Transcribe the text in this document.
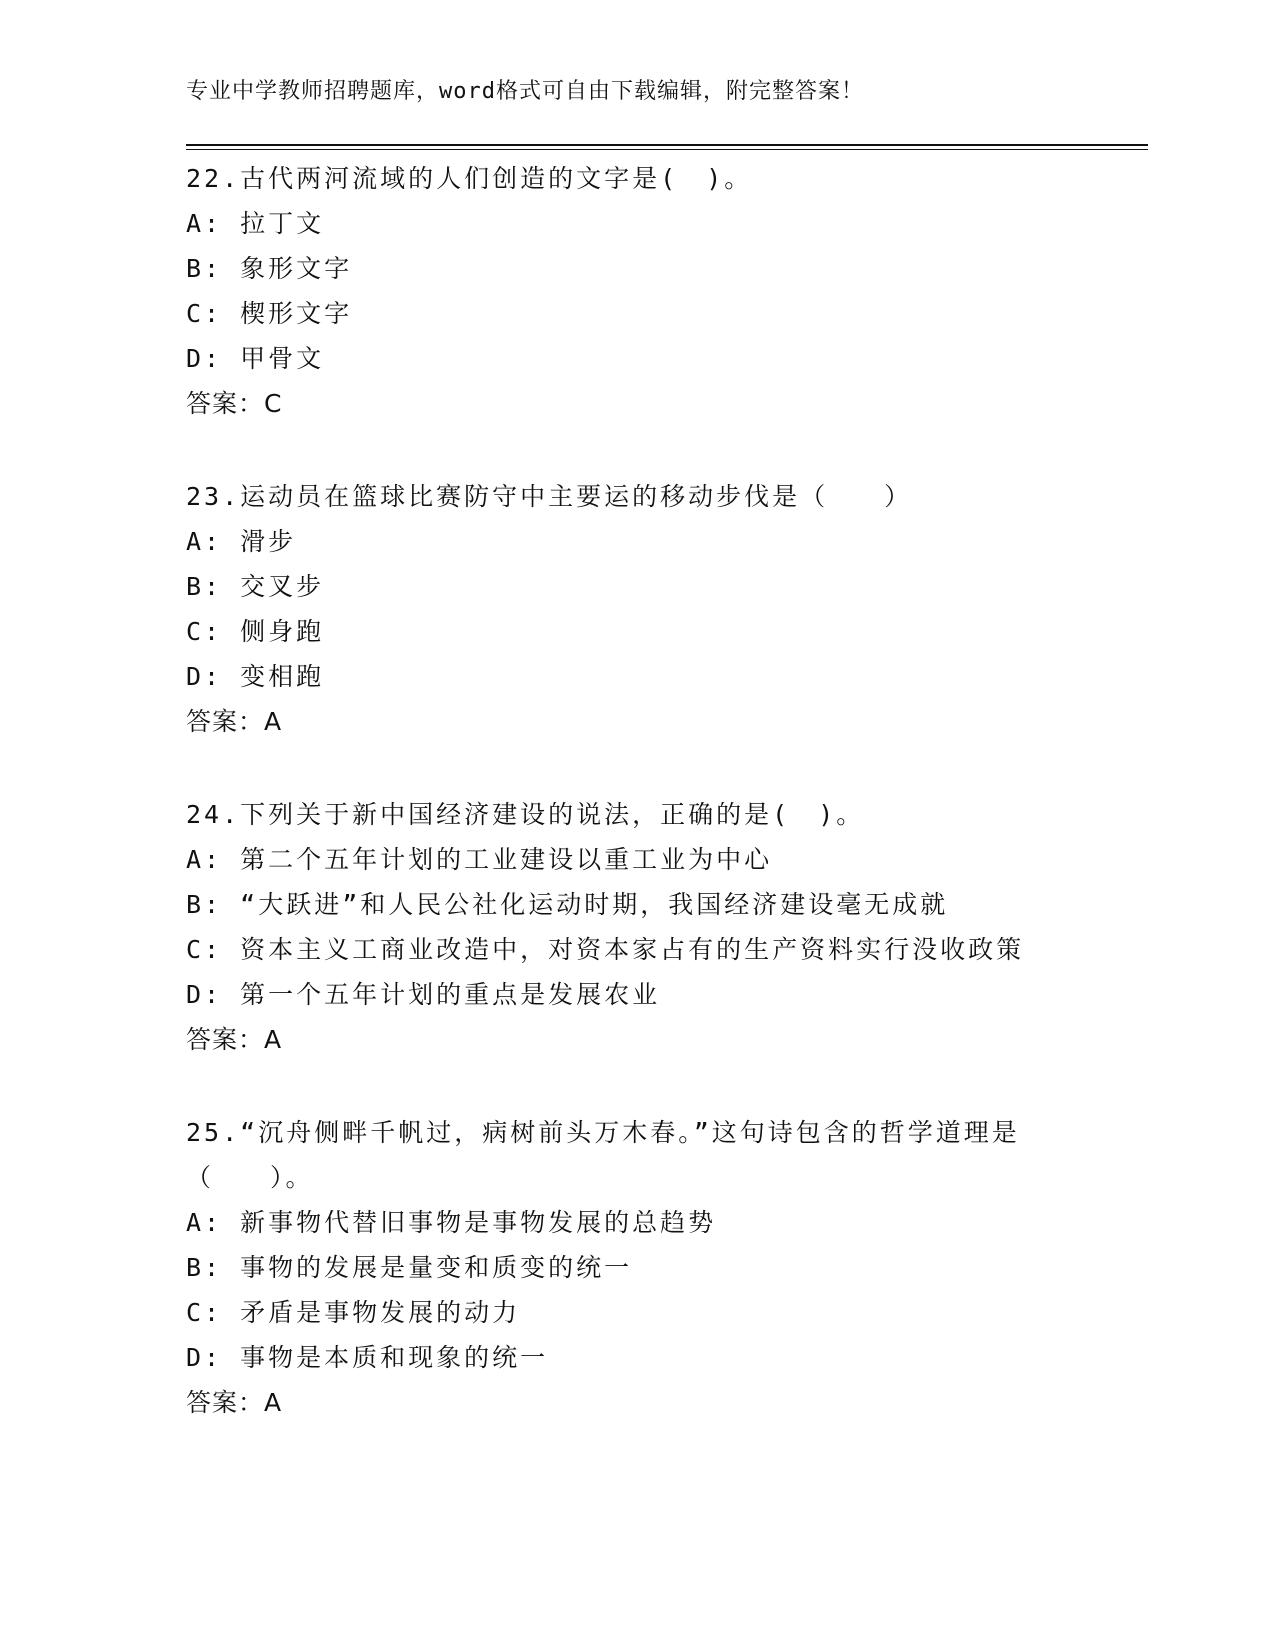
专业中学教师招聘题库，word格式可自由下载编辑，附完整答案！
22.古代两河流域的人们创造的文字是(　)。
A: 拉丁文
B: 象形文字
C: 楔形文字
D: 甲骨文
答案：C
23.运动员在篮球比赛防守中主要运的移动步伐是（　　）
A: 滑步
B: 交叉步
C: 侧身跑
D: 变相跑
答案：A
24.下列关于新中国经济建设的说法，正确的是(　)。
A: 第二个五年计划的工业建设以重工业为中心
B: “大跃进”和人民公社化运动时期，我国经济建设毫无成就
C: 资本主义工商业改造中，对资本家占有的生产资料实行没收政策
D: 第一个五年计划的重点是发展农业
答案：A
25.“沉舟侧畔千帆过，病树前头万木春。”这句诗包含的哲学道理是
（　　）。
A: 新事物代替旧事物是事物发展的总趋势
B: 事物的发展是量变和质变的统一
C: 矛盾是事物发展的动力
D: 事物是本质和现象的统一
答案：A
